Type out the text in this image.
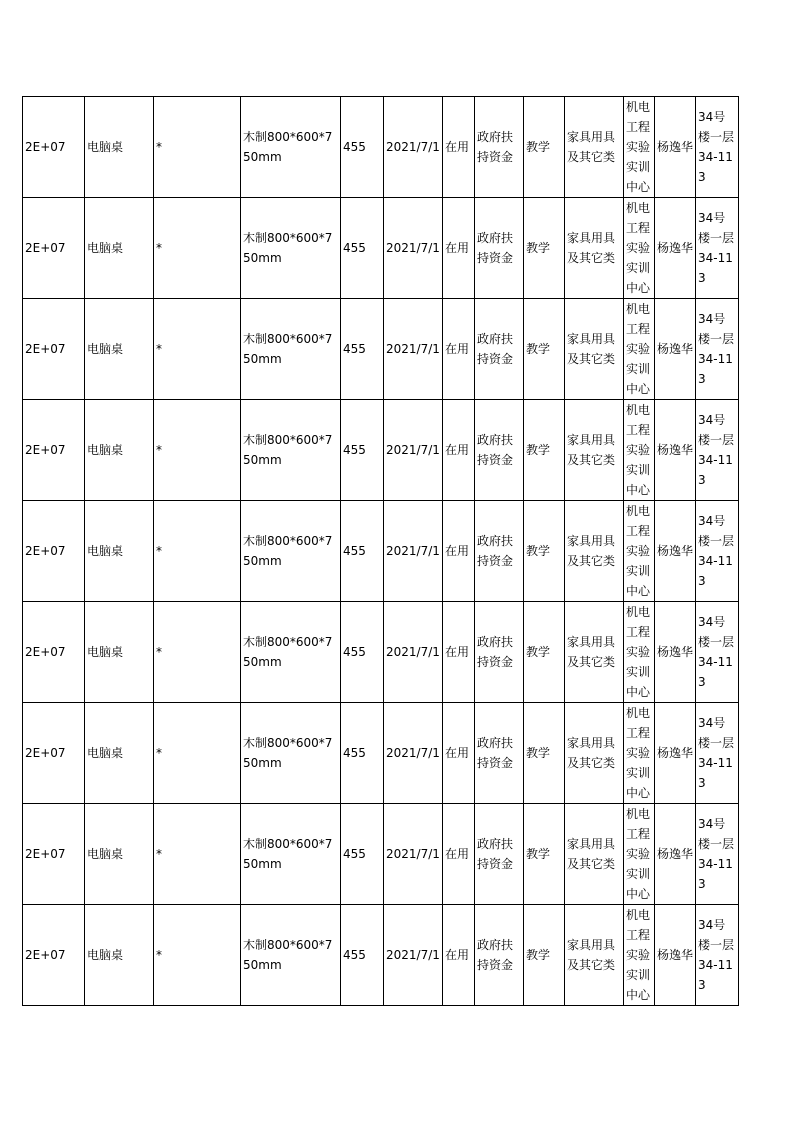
2E+07	电脑桌	*	木制800*600*750mm	455	2021/7/1	在用	政府扶持资金	教学	家具用具及其它类	机电工程实验实训中心	杨逸华	34号楼一层34-113
2E+07	电脑桌	*	木制800*600*750mm	455	2021/7/1	在用	政府扶持资金	教学	家具用具及其它类	机电工程实验实训中心	杨逸华	34号楼一层34-113
2E+07	电脑桌	*	木制800*600*750mm	455	2021/7/1	在用	政府扶持资金	教学	家具用具及其它类	机电工程实验实训中心	杨逸华	34号楼一层34-113
2E+07	电脑桌	*	木制800*600*750mm	455	2021/7/1	在用	政府扶持资金	教学	家具用具及其它类	机电工程实验实训中心	杨逸华	34号楼一层34-113
2E+07	电脑桌	*	木制800*600*750mm	455	2021/7/1	在用	政府扶持资金	教学	家具用具及其它类	机电工程实验实训中心	杨逸华	34号楼一层34-113
2E+07	电脑桌	*	木制800*600*750mm	455	2021/7/1	在用	政府扶持资金	教学	家具用具及其它类	机电工程实验实训中心	杨逸华	34号楼一层34-113
2E+07	电脑桌	*	木制800*600*750mm	455	2021/7/1	在用	政府扶持资金	教学	家具用具及其它类	机电工程实验实训中心	杨逸华	34号楼一层34-113
2E+07	电脑桌	*	木制800*600*750mm	455	2021/7/1	在用	政府扶持资金	教学	家具用具及其它类	机电工程实验实训中心	杨逸华	34号楼一层34-113
2E+07	电脑桌	*	木制800*600*750mm	455	2021/7/1	在用	政府扶持资金	教学	家具用具及其它类	机电工程实验实训中心	杨逸华	34号楼一层34-113
